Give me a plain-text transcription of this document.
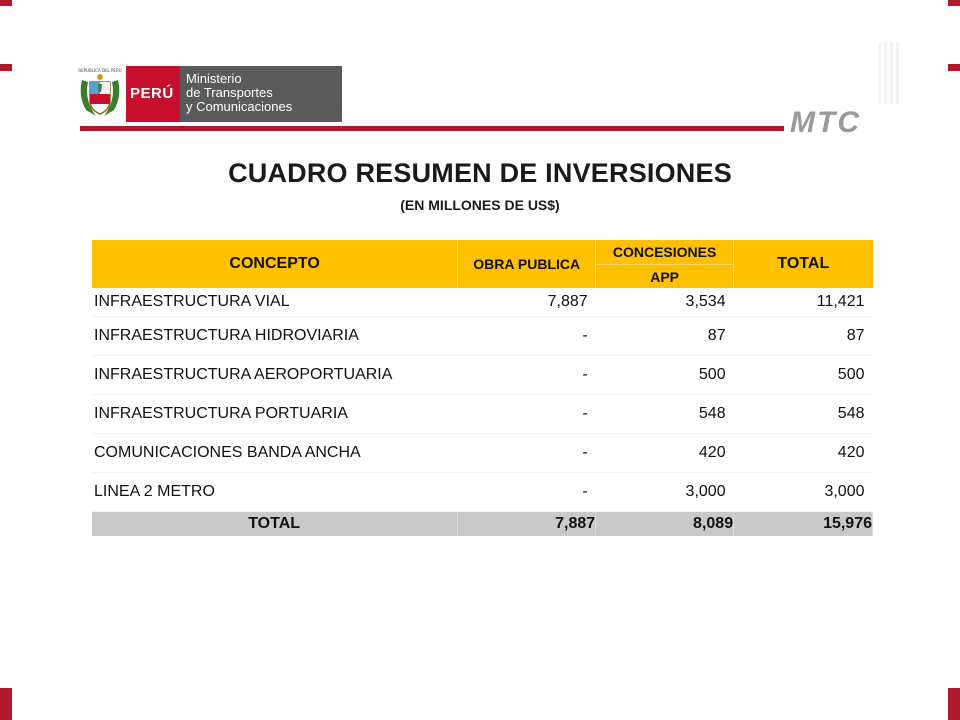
REPUBLICA DEL PERU
PERÚ
Ministerio
de Transportes
y Comunicaciones	MTC
CUADRO RESUMEN DE INVERSIONES
(EN MILLONES DE US$)
CONCEPTO	OBRA PUBLICA	CONCESIONES	TOTAL
		APP	
INFRAESTRUCTURA VIAL	7,887	3,534	11,421
INFRAESTRUCTURA HIDROVIARIA	-	87	87
INFRAESTRUCTURA AEROPORTUARIA	-	500	500
INFRAESTRUCTURA PORTUARIA	-	548	548
COMUNICACIONES BANDA ANCHA	-	420	420
LINEA 2 METRO	-	3,000	3,000
TOTAL	7,887	8,089	15,976
